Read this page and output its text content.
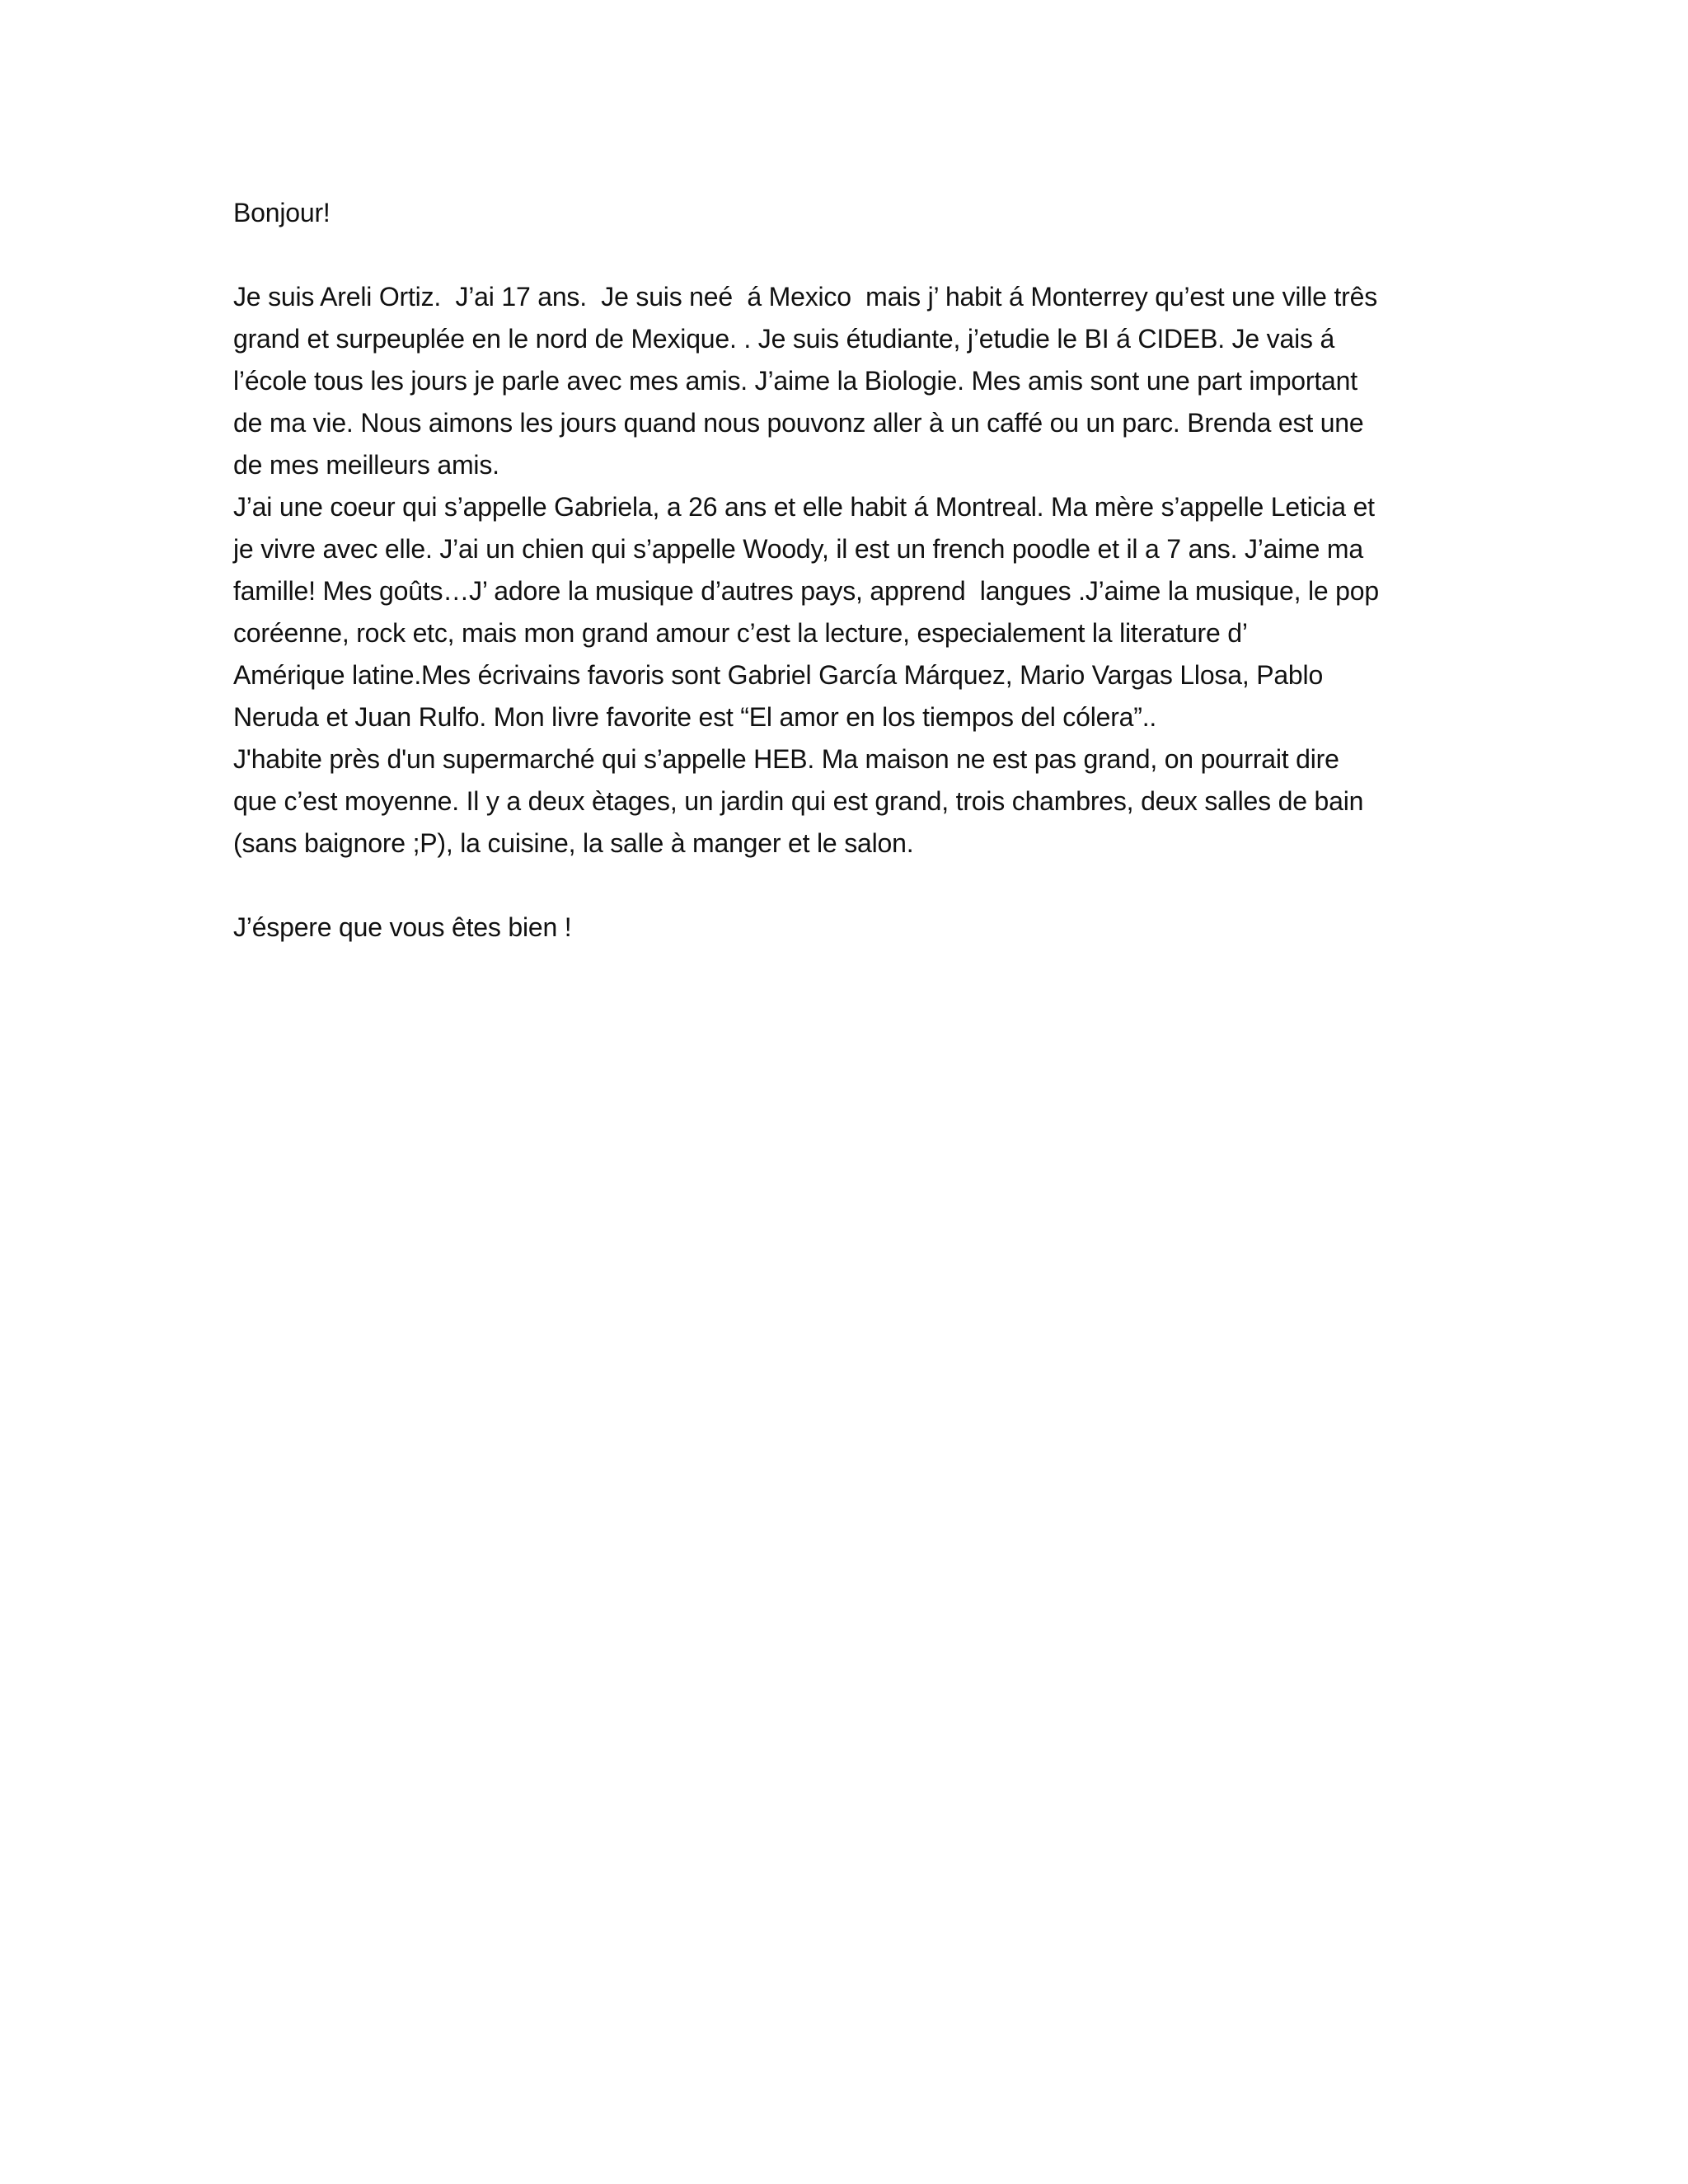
Bonjour!
Je suis Areli Ortiz.  J’ai 17 ans.  Je suis neé  á Mexico  mais j’ habit á Monterrey qu’est une ville três
grand et surpeuplée en le nord de Mexique. . Je suis étudiante, j’etudie le BI á CIDEB. Je vais á
l’école tous les jours je parle avec mes amis. J’aime la Biologie. Mes amis sont une part important
de ma vie. Nous aimons les jours quand nous pouvonz aller à un caffé ou un parc. Brenda est une
de mes meilleurs amis.
J’ai une coeur qui s’appelle Gabriela, a 26 ans et elle habit á Montreal. Ma mère s’appelle Leticia et
je vivre avec elle. J’ai un chien qui s’appelle Woody, il est un french poodle et il a 7 ans. J’aime ma
famille! Mes goûts…J’ adore la musique d’autres pays, apprend  langues .J’aime la musique, le pop
coréenne, rock etc, mais mon grand amour c’est la lecture, especialement la literature d’
Amérique latine.Mes écrivains favoris sont Gabriel García Márquez, Mario Vargas Llosa, Pablo
Neruda et Juan Rulfo. Mon livre favorite est “El amor en los tiempos del cólera”..
J'habite près d'un supermarché qui s’appelle HEB. Ma maison ne est pas grand, on pourrait dire
que c’est moyenne. Il y a deux ètages, un jardin qui est grand, trois chambres, deux salles de bain
(sans baignore ;P), la cuisine, la salle à manger et le salon.
J’éspere que vous êtes bien !
